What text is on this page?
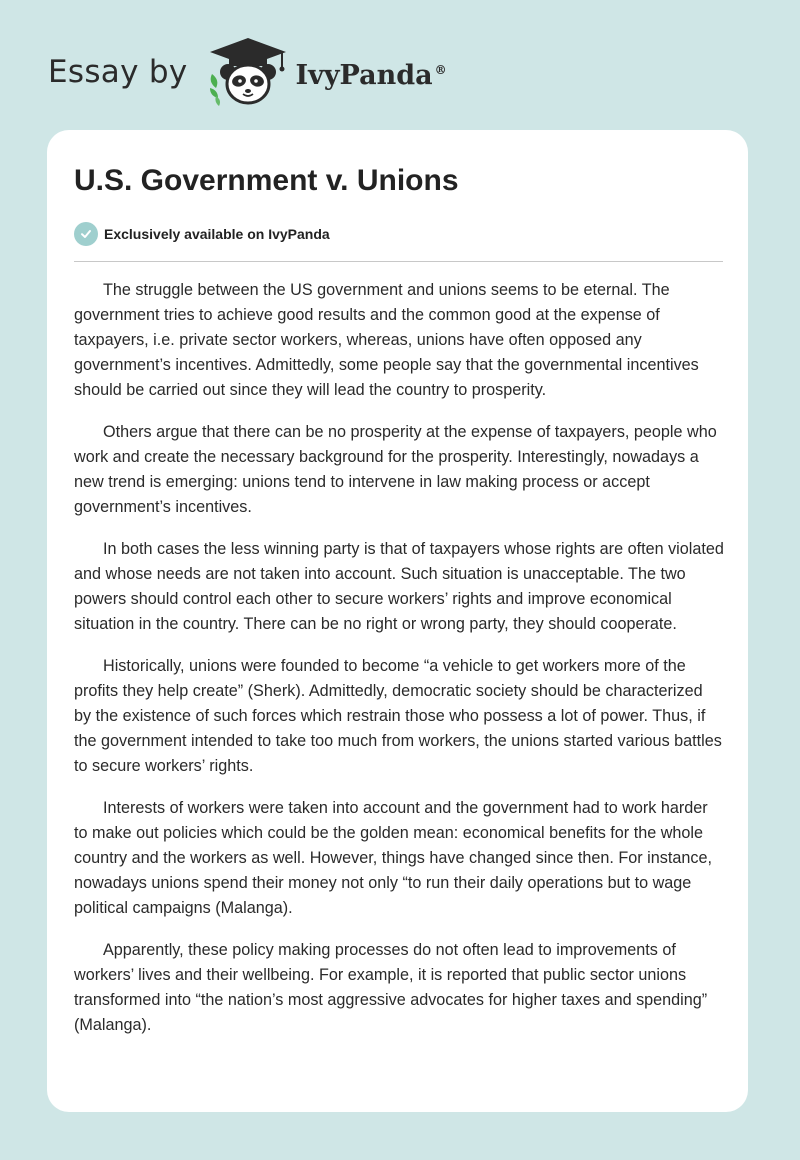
Essay by	IvyPanda ®
U.S. Government v. Unions
Exclusively available on IvyPanda

The struggle between the US government and unions seems to be eternal. The government tries to achieve good results and the common good at the expense of taxpayers, i.e. private sector workers, whereas, unions have often opposed any government’s incentives. Admittedly, some people say that the governmental incentives should be carried out since they will lead the country to prosperity.

Others argue that there can be no prosperity at the expense of taxpayers, people who work and create the necessary background for the prosperity. Interestingly, nowadays a new trend is emerging: unions tend to intervene in law making process or accept government’s incentives.

In both cases the less winning party is that of taxpayers whose rights are often violated and whose needs are not taken into account. Such situation is unacceptable. The two powers should control each other to secure workers’ rights and improve economical situation in the country. There can be no right or wrong party, they should cooperate.

Historically, unions were founded to become “a vehicle to get workers more of the profits they help create” (Sherk). Admittedly, democratic society should be characterized by the existence of such forces which restrain those who possess a lot of power. Thus, if the government intended to take too much from workers, the unions started various battles to secure workers’ rights.

Interests of workers were taken into account and the government had to work harder to make out policies which could be the golden mean: economical benefits for the whole country and the workers as well. However, things have changed since then. For instance, nowadays unions spend their money not only “to run their daily operations but to wage political campaigns (Malanga).

Apparently, these policy making processes do not often lead to improvements of workers’ lives and their wellbeing. For example, it is reported that public sector unions transformed into “the nation’s most aggressive advocates for higher taxes and spending” (Malanga).
